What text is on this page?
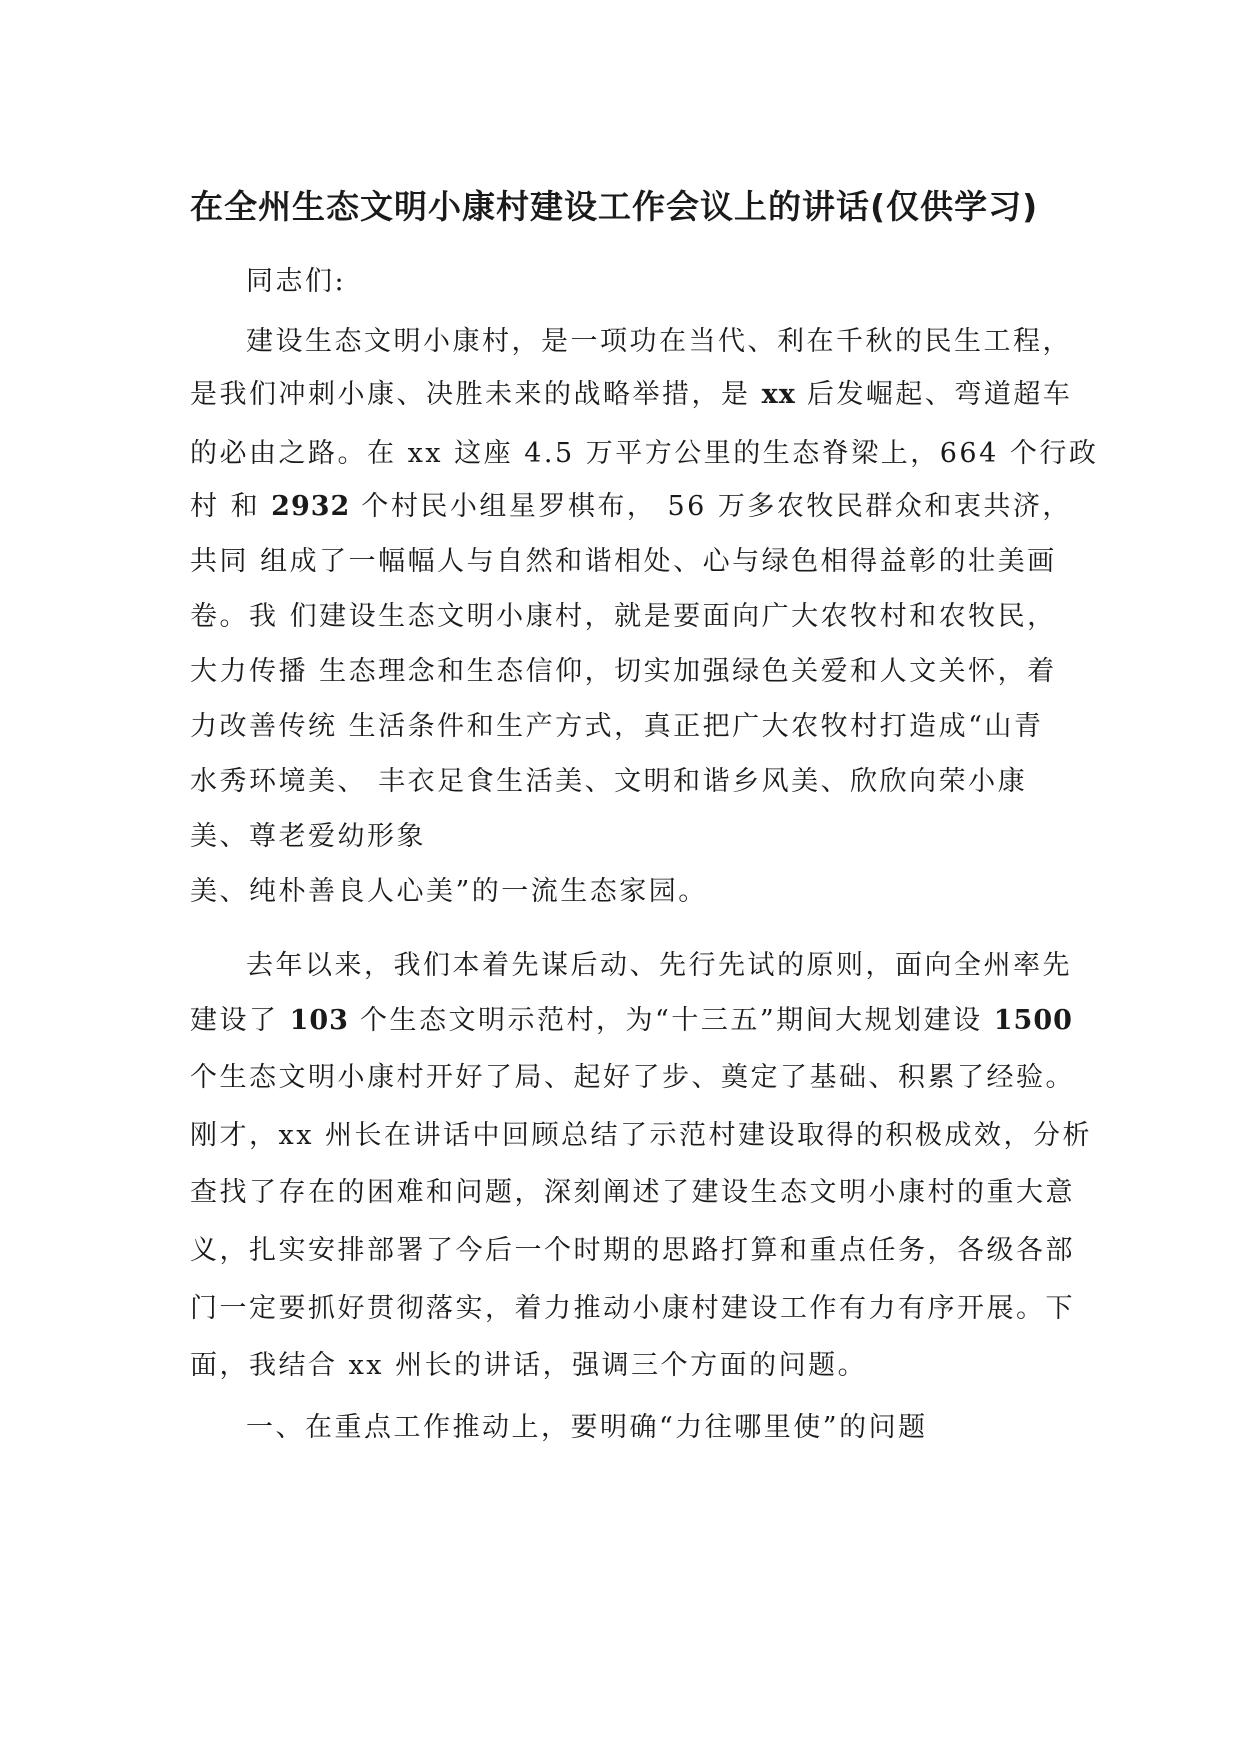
在全州生态文明小康村建设工作会议上的讲话(仅供学习)

同志们:

建设生态文明小康村，是一项功在当代、利在千秋的民生工程，

是我们冲刺小康、决胜未来的战略举措，是 xx 后发崛起、弯道超车

的必由之路。在 xx 这座 4.5 万平方公里的生态脊梁上，664 个行政

村 和 2932 个村民小组星罗棋布， 56 万多农牧民群众和衷共济，

共同 组成了一幅幅人与自然和谐相处、心与绿色相得益彰的壮美画

卷。我 们建设生态文明小康村，就是要面向广大农牧村和农牧民，

大力传播 生态理念和生态信仰，切实加强绿色关爱和人文关怀，着

力改善传统 生活条件和生产方式，真正把广大农牧村打造成“山青

水秀环境美、 丰衣足食生活美、文明和谐乡风美、欣欣向荣小康

美、尊老爱幼形象

美、纯朴善良人心美”的一流生态家园。

去年以来，我们本着先谋后动、先行先试的原则，面向全州率先

建设了 103 个生态文明示范村，为“十三五”期间大规划建设 1500

个生态文明小康村开好了局、起好了步、奠定了基础、积累了经验。

刚才，xx 州长在讲话中回顾总结了示范村建设取得的积极成效，分析

查找了存在的困难和问题，深刻阐述了建设生态文明小康村的重大意

义，扎实安排部署了今后一个时期的思路打算和重点任务，各级各部

门一定要抓好贯彻落实，着力推动小康村建设工作有力有序开展。下

面，我结合 xx 州长的讲话，强调三个方面的问题。

一、在重点工作推动上，要明确“力往哪里使”的问题
